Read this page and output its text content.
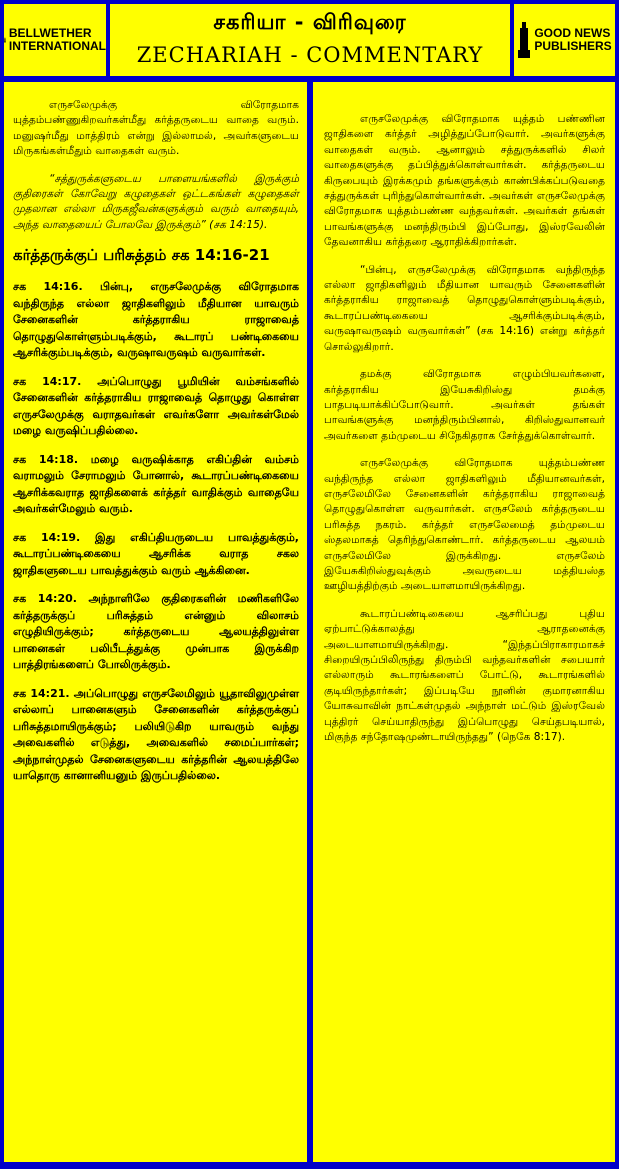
BELLWETHER
INTERNATIONAL
சகரியா - விரிவுரை
ZECHARIAH - COMMENTARY
GOOD NEWS
PUBLISHERS

எருசலேமுக்கு விரோதமாக யுத்தம்பண்ணுகிறவர்கள்மீது கர்த்தருடைய வாதை வரும். மனுஷர்மீது மாத்திரம் என்று இல்லாமல், அவர்களுடைய மிருகங்கள்மீதும் வாதைகள் வரும்.

“சத்துருக்களுடைய பாளையங்களில் இருக்கும் குதிரைகள் கோவேறு கழுதைகள் ஒட்டகங்கள் கழுதைகள் முதலான எல்லா மிருகஜீவன்களுக்கும் வரும் வாதையும், அந்த வாதையைப் போலவே இருக்கும்” (சக 14:15).

கர்த்தருக்குப் பரிசுத்தம் சக 14:16-21

சக 14:16. பின்பு, எருசலேமுக்கு விரோதமாக வந்திருந்த எல்லா ஜாதிகளிலும் மீதியான யாவரும் சேனைகளின் கர்த்தராகிய ராஜாவைத் தொழுதுகொள்ளும்படிக்கும், கூடாரப் பண்டிகையை ஆசரிக்கும்படிக்கும், வருஷாவருஷம் வருவார்கள்.

சக 14:17. அப்பொழுது பூமியின் வம்சங்களில் சேனைகளின் கர்த்தராகிய ராஜாவைத் தொழுது கொள்ள எருசலேமுக்கு வராதவர்கள் எவர்களோ அவர்கள்மேல் மழை வருஷிப்பதில்லை.

சக 14:18. மழை வருஷிக்காத எகிப்தின் வம்சம் வராமலும் சேராமலும் போனால், கூடாரப்பண்டிகையை ஆசரிக்கவராத ஜாதிகளைக் கர்த்தர் வாதிக்கும் வாதையே அவர்கள்மேலும் வரும்.

சக 14:19. இது எகிப்தியருடைய பாவத்துக்கும், கூடாரப்பண்டிகையை ஆசரிக்க வராத சகல ஜாதிகளுடைய பாவத்துக்கும் வரும் ஆக்கினை.

சக 14:20. அந்நாளிலே குதிரைகளின் மணிகளிலே கர்த்தருக்குப் பரிசுத்தம் என்னும் விலாசம் எழுதியிருக்கும்; கர்த்தருடைய ஆலயத்திலுள்ள பானைகள் பலிபீடத்துக்கு முன்பாக இருக்கிற பாத்திரங்களைப் போலிருக்கும்.

சக 14:21. அப்பொழுது எருசலேமிலும் யூதாவிலுமுள்ள எல்லாப் பானைகளும் சேனைகளின் கர்த்தருக்குப் பரிசுத்தமாயிருக்கும்; பலியிடுகிற யாவரும் வந்து அவைகளில் எடுத்து, அவைகளில் சமைப்பார்கள்; அந்நாள்முதல் சேனைகளுடைய கர்த்தரின் ஆலயத்திலே யாதொரு கானானியனும் இருப்பதில்லை.

எருசலேமுக்கு விரோதமாக யுத்தம் பண்ணின ஜாதிகளை கர்த்தர் அழித்துப்போடுவார். அவர்களுக்கு வாதைகள் வரும். ஆனாலும் சத்துருக்களில் சிலர் வாதைகளுக்கு தப்பித்துக்கொள்வார்கள். கர்த்தருடைய கிருபையும் இரக்கமும் தங்களுக்கும் காண்பிக்கப்படுவதை சத்துருக்கள் புரிந்துகொள்வார்கள். அவர்கள் எருசலேமுக்கு விரோதமாக யுத்தம்பண்ண வந்தவர்கள். அவர்கள் தங்கள் பாவங்களுக்கு மனந்திரும்பி இப்போது, இஸ்ரவேலின் தேவனாகிய கர்த்தரை ஆராதிக்கிறார்கள்.

“பின்பு, எருசலேமுக்கு விரோதமாக வந்திருந்த எல்லா ஜாதிகளிலும் மீதியான யாவரும் சேனைகளின் கர்த்தராகிய ராஜாவைத் தொழுதுகொள்ளும்படிக்கும், கூடாரப்பண்டிகையை ஆசரிக்கும்படிக்கும், வருஷாவருஷம் வருவார்கள்” (சக 14:16) என்று கர்த்தர் சொல்லுகிறார்.

தமக்கு விரோதமாக எழும்பியவர்களை, கர்த்தராகிய இயேசுகிறிஸ்து தமக்கு பாதபடியாக்கிப்போடுவார். அவர்கள் தங்கள் பாவங்களுக்கு மனந்திரும்பினால், கிறிஸ்துவானவர் அவர்களை தம்முடைய சிநேகிதராக சேர்த்துக்கொள்வார்.

எருசலேமுக்கு விரோதமாக யுத்தம்பண்ண வந்திருந்த எல்லா ஜாதிகளிலும் மீதியானவர்கள், எருசலேமிலே சேனைகளின் கர்த்தராகிய ராஜாவைத் தொழுதுகொள்ள வருவார்கள். எருசலேம் கர்த்தருடைய பரிசுத்த நகரம். கர்த்தர் எருசலேமைத் தம்முடைய ஸ்தலமாகத் தெரிந்துகொண்டார். கர்த்தருடைய ஆலயம் எருசலேமிலே இருக்கிறது. எருசலேம் இயேசுகிறிஸ்துவுக்கும் அவருடைய மத்தியஸ்த ஊழியத்திற்கும் அடையாளமாயிருக்கிறது.

கூடாரப்பண்டிகையை ஆசரிப்பது புதிய ஏற்பாட்டுக்காலத்து ஆராதனைக்கு அடையாளமாயிருக்கிறது. “இந்தப்பிராகாரமாகச் சிறையிருப்பிலிருந்து திரும்பி வந்தவர்களின் சபையார் எல்லாரும் கூடாரங்களைப் போட்டு, கூடாரங்களில் குடியிருந்தார்கள்; இப்படியே நூனின் குமாரனாகிய யோசுவாவின் நாட்கள்முதல் அந்நாள் மட்டும் இஸ்ரவேல் புத்திரர் செய்யாதிருந்து இப்பொழுது செய்தபடியால், மிகுந்த சந்தோஷமுண்டாயிருந்தது” (நெகே 8:17).
